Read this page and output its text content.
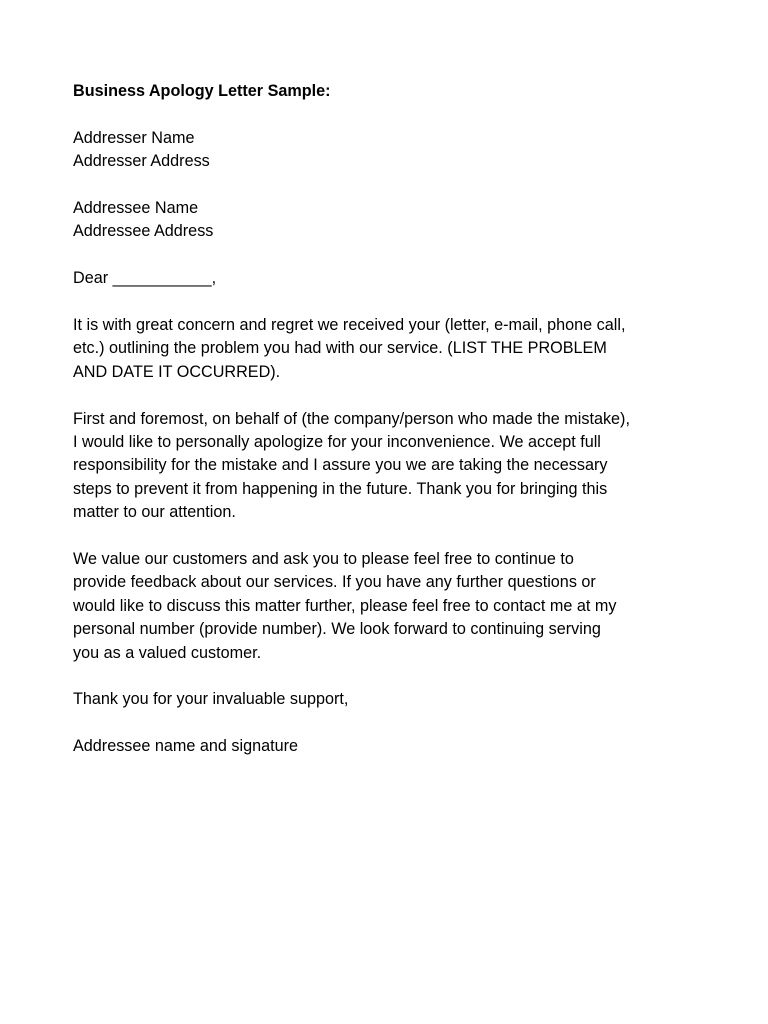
Business Apology Letter Sample:

Addresser Name
Addresser Address
Addressee Name
Addressee Address
Dear ___________,
It is with great concern and regret we received your (letter, e-mail, phone call,
etc.) outlining the problem you had with our service. (LIST THE PROBLEM
AND DATE IT OCCURRED).
First and foremost, on behalf of (the company/person who made the mistake),
I would like to personally apologize for your inconvenience. We accept full
responsibility for the mistake and I assure you we are taking the necessary
steps to prevent it from happening in the future. Thank you for bringing this
matter to our attention.
We value our customers and ask you to please feel free to continue to
provide feedback about our services. If you have any further questions or
would like to discuss this matter further, please feel free to contact me at my
personal number (provide number). We look forward to continuing serving
you as a valued customer.
Thank you for your invaluable support,
Addressee name and signature
